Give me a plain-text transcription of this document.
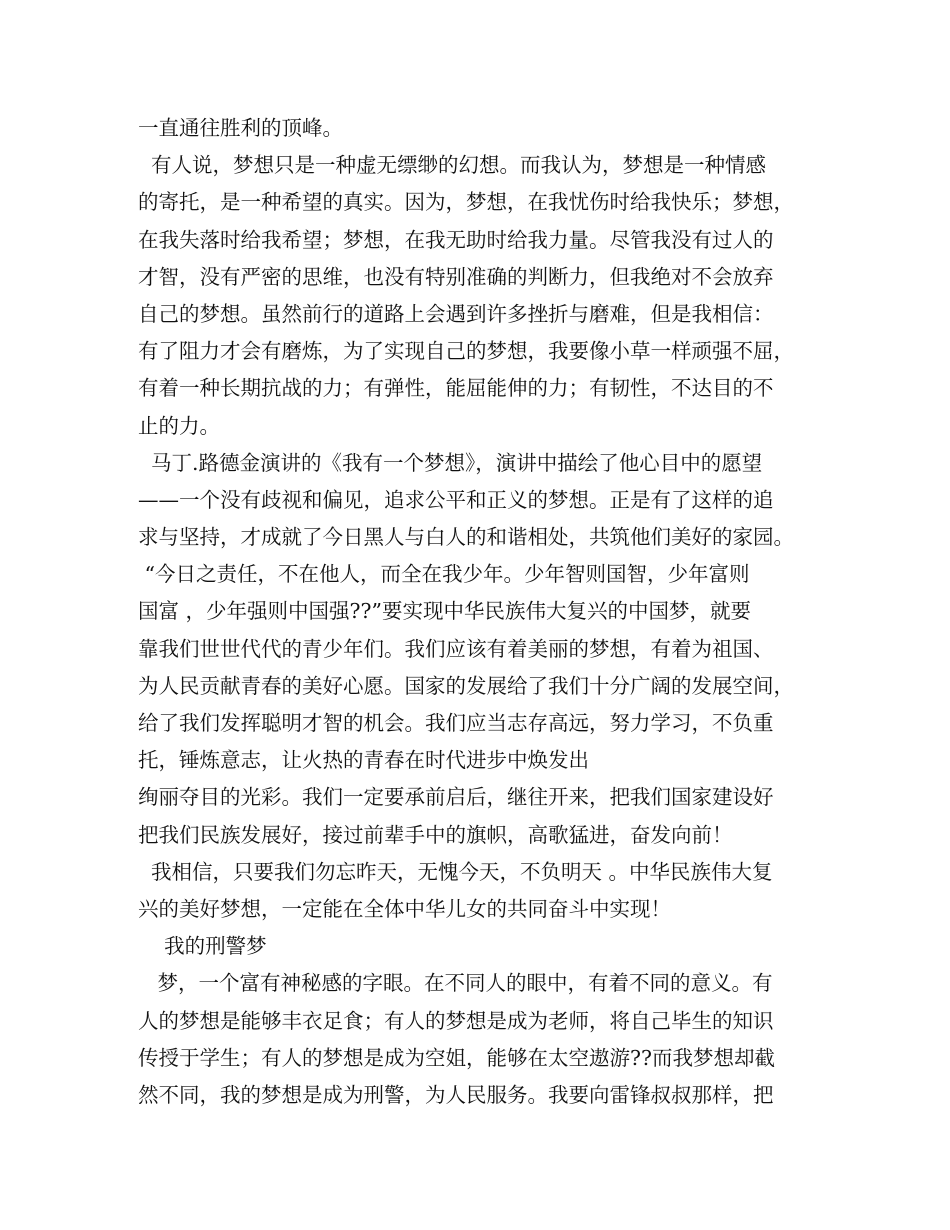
一直通往胜利的顶峰。
有人说，梦想只是一种虚无缥缈的幻想。而我认为，梦想是一种情感
的寄托，是一种希望的真实。因为，梦想，在我忧伤时给我快乐；梦想，
在我失落时给我希望；梦想，在我无助时给我力量。尽管我没有过人的
才智，没有严密的思维，也没有特别准确的判断力，但我绝对不会放弃
自己的梦想。虽然前行的道路上会遇到许多挫折与磨难，但是我相信：
有了阻力才会有磨炼，为了实现自己的梦想，我要像小草一样顽强不屈，
有着一种长期抗战的力；有弹性，能屈能伸的力；有韧性，不达目的不
止的力。
马丁.路德金演讲的《我有一个梦想》，演讲中描绘了他心目中的愿望
——一个没有歧视和偏见，追求公平和正义的梦想。正是有了这样的追
求与坚持，才成就了今日黑人与白人的和谐相处，共筑他们美好的家园。
“今日之责任，不在他人，而全在我少年。少年智则国智，少年富则
国富 ，少年强则中国强??”要实现中华民族伟大复兴的中国梦，就要
靠我们世世代代的青少年们。我们应该有着美丽的梦想，有着为祖国、
为人民贡献青春的美好心愿。国家的发展给了我们十分广阔的发展空间，
给了我们发挥聪明才智的机会。我们应当志存高远，努力学习，不负重
托，锤炼意志，让火热的青春在时代进步中焕发出
绚丽夺目的光彩。我们一定要承前启后，继往开来，把我们国家建设好
把我们民族发展好，接过前辈手中的旗帜，高歌猛进，奋发向前！
我相信，只要我们勿忘昨天，无愧今天，不负明天 。中华民族伟大复
兴的美好梦想，一定能在全体中华儿女的共同奋斗中实现！
我的刑警梦
梦，一个富有神秘感的字眼。在不同人的眼中，有着不同的意义。有
人的梦想是能够丰衣足食；有人的梦想是成为老师，将自己毕生的知识
传授于学生；有人的梦想是成为空姐，能够在太空遨游??而我梦想却截
然不同，我的梦想是成为刑警，为人民服务。我要向雷锋叔叔那样，把
